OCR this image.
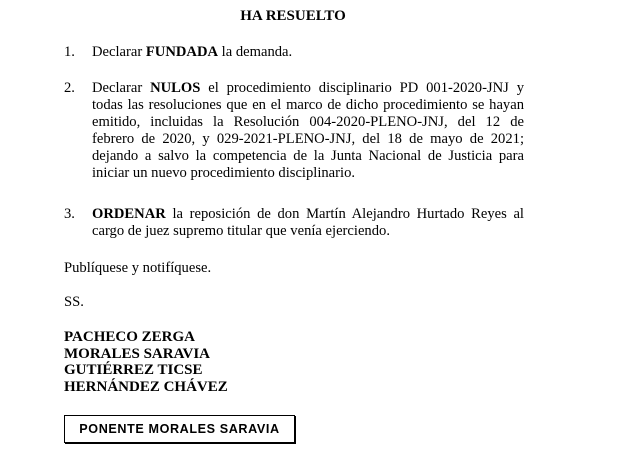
HA RESUELTO
1. Declarar FUNDADA la demanda.
2. Declarar NULOS el procedimiento disciplinario PD 001-2020-JNJ y todas las resoluciones que en el marco de dicho procedimiento se hayan emitido, incluidas la Resolución 004-2020-PLENO-JNJ, del 12 de febrero de 2020, y 029-2021-PLENO-JNJ, del 18 de mayo de 2021; dejando a salvo la competencia de la Junta Nacional de Justicia para iniciar un nuevo procedimiento disciplinario.
3. ORDENAR la reposición de don Martín Alejandro Hurtado Reyes al cargo de juez supremo titular que venía ejerciendo.
Publíquese y notifíquese.
SS.
PACHECO ZERGA
MORALES SARAVIA
GUTIÉRREZ TICSE
HERNÁNDEZ CHÁVEZ
PONENTE MORALES SARAVIA
